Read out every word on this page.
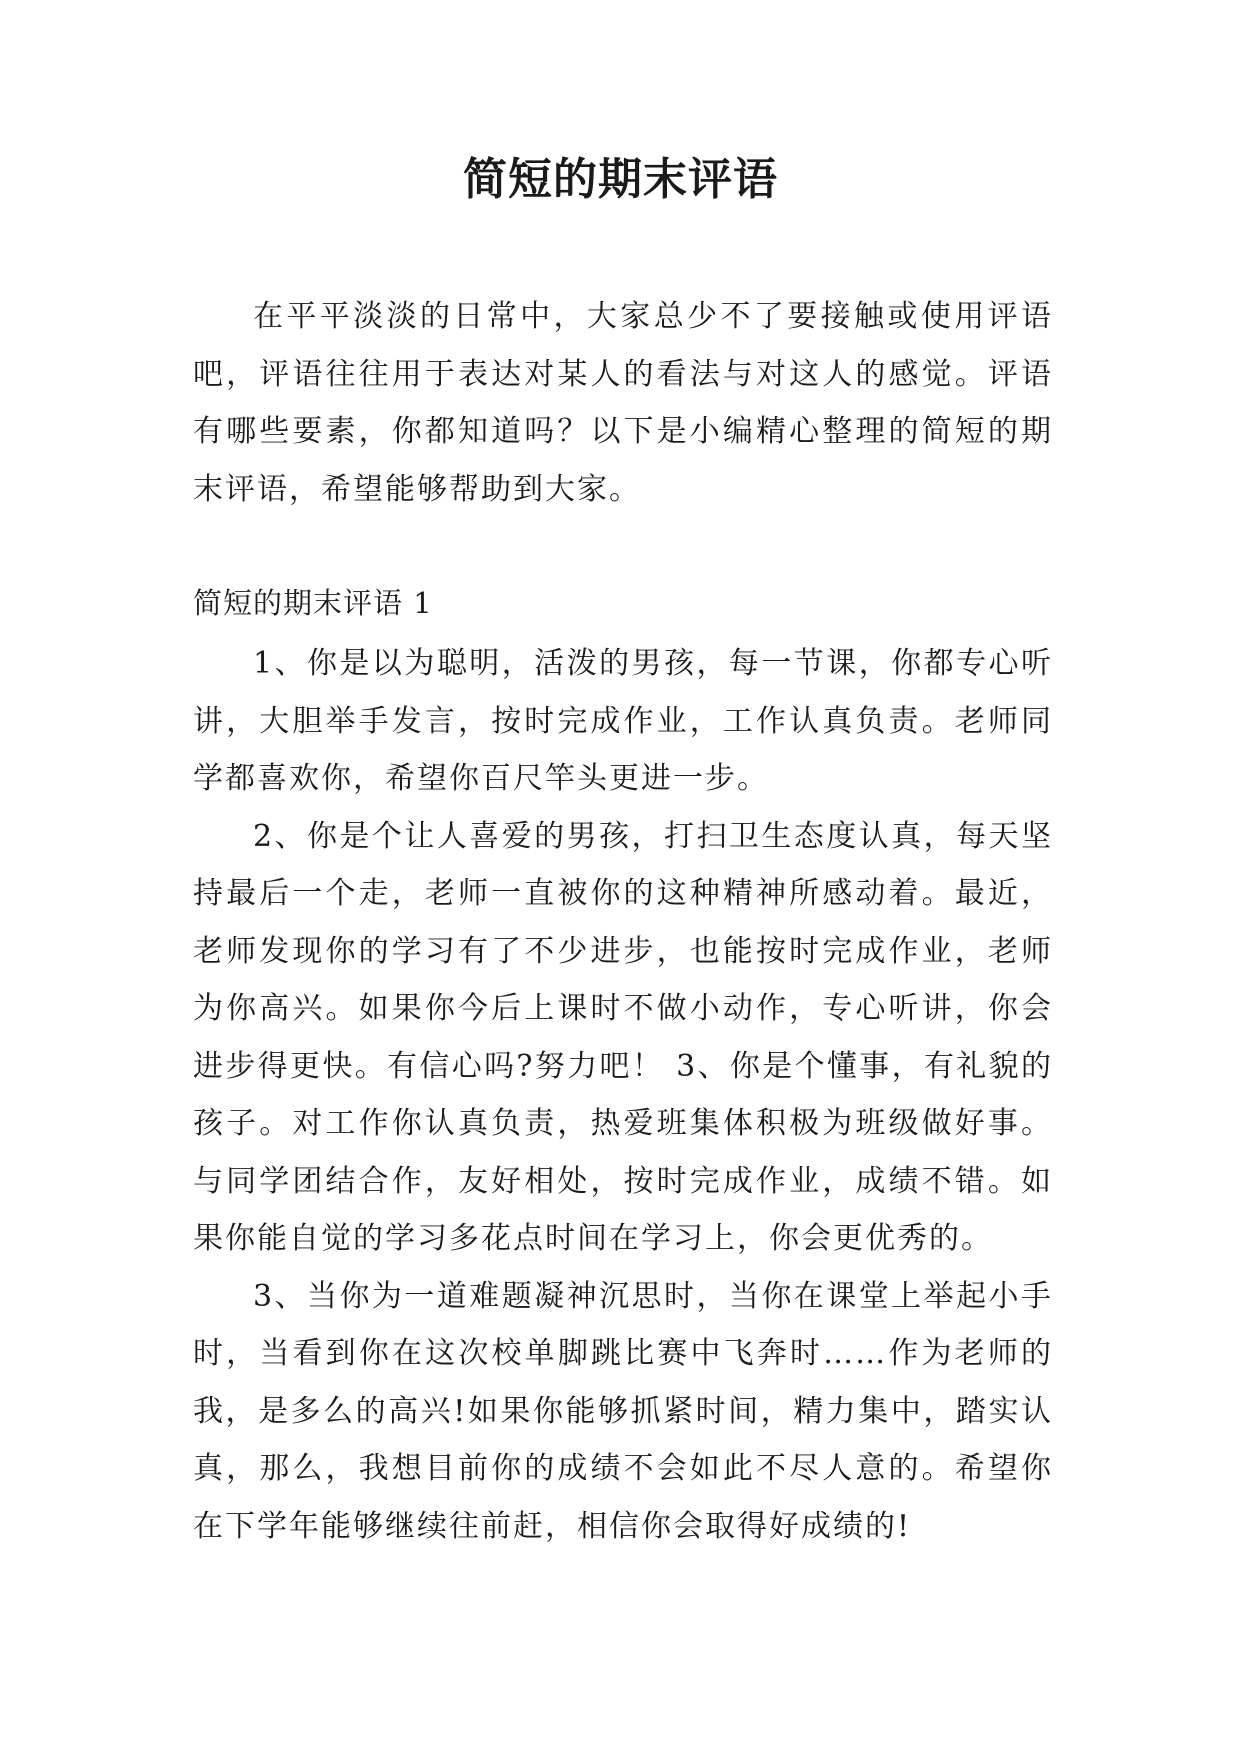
简短的期末评语

在平平淡淡的日常中，大家总少不了要接触或使用评语吧，评语往往用于表达对某人的看法与对这人的感觉。评语有哪些要素，你都知道吗？以下是小编精心整理的简短的期末评语，希望能够帮助到大家。

简短的期末评语 1

1、你是以为聪明，活泼的男孩，每一节课，你都专心听讲，大胆举手发言，按时完成作业，工作认真负责。老师同学都喜欢你，希望你百尺竿头更进一步。

2、你是个让人喜爱的男孩，打扫卫生态度认真，每天坚持最后一个走，老师一直被你的这种精神所感动着。最近，老师发现你的学习有了不少进步，也能按时完成作业，老师为你高兴。如果你今后上课时不做小动作，专心听讲，你会进步得更快。有信心吗?努力吧！ 3、你是个懂事，有礼貌的孩子。对工作你认真负责，热爱班集体积极为班级做好事。与同学团结合作，友好相处，按时完成作业，成绩不错。如果你能自觉的学习多花点时间在学习上，你会更优秀的。

3、当你为一道难题凝神沉思时，当你在课堂上举起小手时，当看到你在这次校单脚跳比赛中飞奔时……作为老师的我，是多么的高兴!如果你能够抓紧时间，精力集中，踏实认真，那么，我想目前你的成绩不会如此不尽人意的。希望你在下学年能够继续往前赶，相信你会取得好成绩的!
